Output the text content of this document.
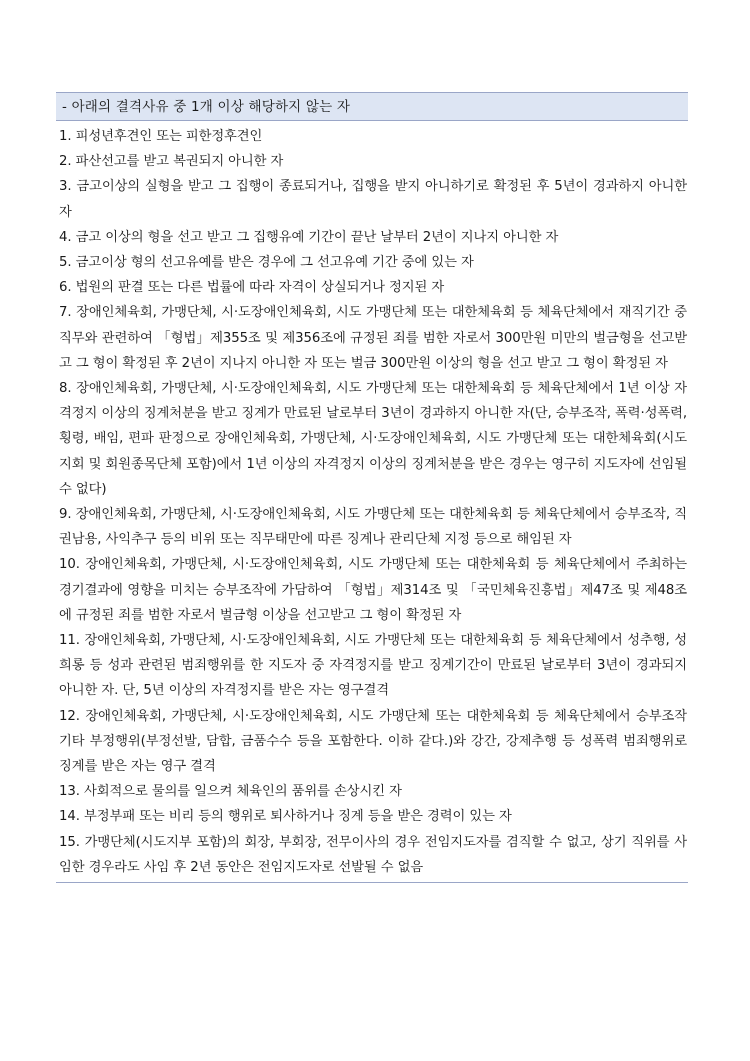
- 아래의 결격사유 중 1개 이상 해당하지 않는 자
1. 피성년후견인 또는 피한정후견인
2. 파산선고를 받고 복권되지 아니한 자
3. 금고이상의 실형을 받고 그 집행이 종료되거나, 집행을 받지 아니하기로 확정된 후 5년이 경과하지 아니한 자
4. 금고 이상의 형을 선고 받고 그 집행유예 기간이 끝난 날부터 2년이 지나지 아니한 자
5. 금고이상 형의 선고유예를 받은 경우에 그 선고유예 기간 중에 있는 자
6. 법원의 판결 또는 다른 법률에 따라 자격이 상실되거나 정지된 자
7. 장애인체육회, 가맹단체, 시·도장애인체육회, 시도 가맹단체 또는 대한체육회 등 체육단체에서 재직기간 중 직무와 관련하여 「형법」제355조 및 제356조에 규정된 죄를 범한 자로서 300만원 미만의 벌금형을 선고받고 그 형이 확정된 후 2년이 지나지 아니한 자 또는 벌금 300만원 이상의 형을 선고 받고 그 형이 확정된 자
8. 장애인체육회, 가맹단체, 시·도장애인체육회, 시도 가맹단체 또는 대한체육회 등 체육단체에서 1년 이상 자격정지 이상의 징계처분을 받고 징계가 만료된 날로부터 3년이 경과하지 아니한 자(단, 승부조작, 폭력·성폭력, 횡령, 배임, 편파 판정으로 장애인체육회, 가맹단체, 시·도장애인체육회, 시도 가맹단체 또는 대한체육회(시도지회 및 회원종목단체 포함)에서 1년 이상의 자격정지 이상의 징계처분을 받은 경우는 영구히 지도자에 선임될 수 없다)
9. 장애인체육회, 가맹단체, 시·도장애인체육회, 시도 가맹단체 또는 대한체육회 등 체육단체에서 승부조작, 직권남용, 사익추구 등의 비위 또는 직무태만에 따른 징계나 관리단체 지정 등으로 해임된 자
10. 장애인체육회, 가맹단체, 시·도장애인체육회, 시도 가맹단체 또는 대한체육회 등 체육단체에서 주최하는 경기결과에 영향을 미치는 승부조작에 가담하여 「형법」제314조 및 「국민체육진흥법」제47조 및 제48조에 규정된 죄를 범한 자로서 벌금형 이상을 선고받고 그 형이 확정된 자
11. 장애인체육회, 가맹단체, 시·도장애인체육회, 시도 가맹단체 또는 대한체육회 등 체육단체에서 성추행, 성희롱 등 성과 관련된 범죄행위를 한 지도자 중 자격정지를 받고 징계기간이 만료된 날로부터 3년이 경과되지 아니한 자. 단, 5년 이상의 자격정지를 받은 자는 영구결격
12. 장애인체육회, 가맹단체, 시·도장애인체육회, 시도 가맹단체 또는 대한체육회 등 체육단체에서 승부조작 기타 부정행위(부정선발, 담합, 금품수수 등을 포함한다. 이하 같다.)와 강간, 강제추행 등 성폭력 범죄행위로 징계를 받은 자는 영구 결격
13. 사회적으로 물의를 일으켜 체육인의 품위를 손상시킨 자
14. 부정부패 또는 비리 등의 행위로 퇴사하거나 징계 등을 받은 경력이 있는 자
15. 가맹단체(시도지부 포함)의 회장, 부회장, 전무이사의 경우 전임지도자를 겸직할 수 없고, 상기 직위를 사임한 경우라도 사임 후 2년 동안은 전임지도자로 선발될 수 없음
